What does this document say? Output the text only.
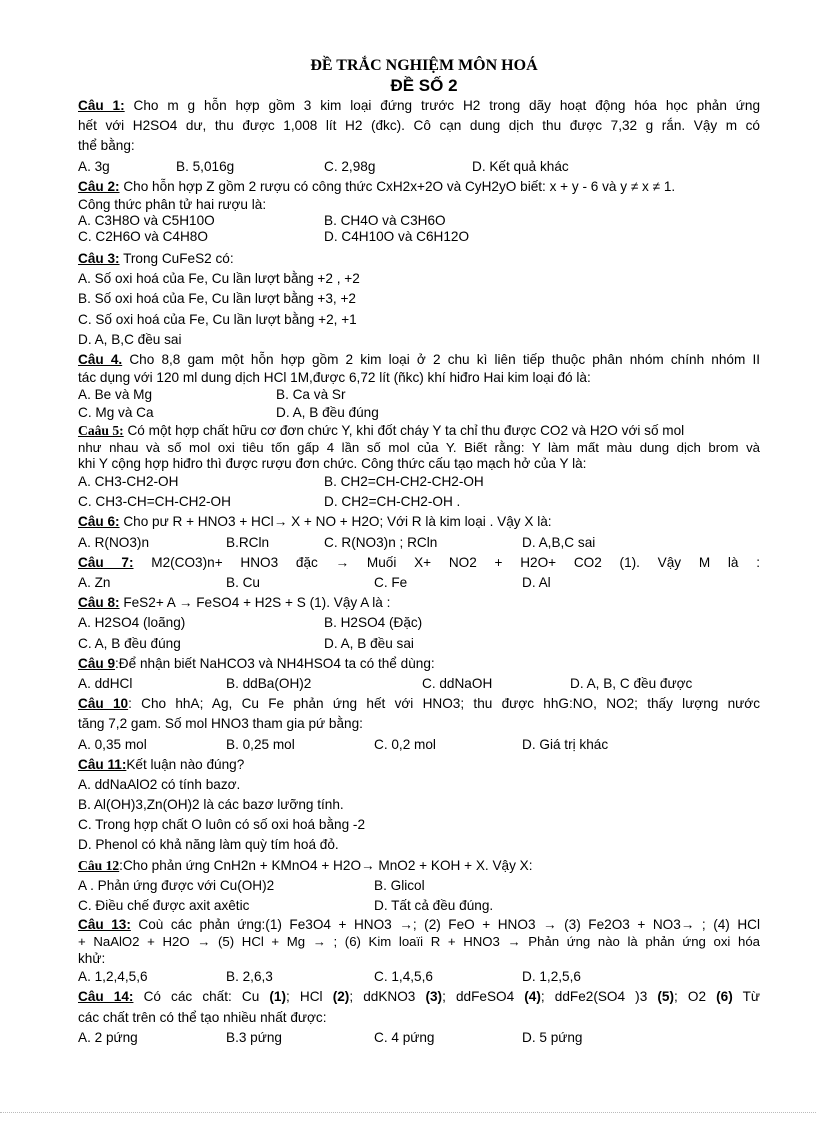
ĐỀ TRẮC NGHIỆM MÔN HOÁ
ĐỀ SỐ 2
Câu 1: Cho m g hỗn hợp gồm 3 kim loại đứng trước H2 trong dãy hoạt động hóa học phản ứng
hết với H2SO4 dư, thu được 1,008 lít H2 (đkc). Cô cạn dung dịch thu được 7,32 g rắn. Vậy m có
thể bằng:
A. 3g	B. 5,016g	C. 2,98g	D. Kết quả khác
Câu 2: Cho hỗn hợp Z gồm 2 rượu có công thức CxH2x+2O và CyH2yO biết: x + y - 6 và y ≠ x ≠ 1.
Công thức phân tử hai rượu là:
A. C3H8O và C5H10O	B. CH4O và C3H6O
C. C2H6O và C4H8O	D. C4H10O và C6H12O
Câu 3: Trong CuFeS2 có:
A. Số oxi hoá của Fe, Cu lần lượt bằng +2 , +2
B. Số oxi hoá của Fe, Cu lần lượt bằng +3, +2
C. Số oxi hoá của Fe, Cu lần lượt bằng +2, +1
D. A, B,C đều sai
Câu 4. Cho 8,8 gam một hỗn hợp gồm 2 kim loại ở 2 chu kì liên tiếp thuộc phân nhóm chính nhóm II
tác dụng với 120 ml dung dịch HCl 1M,được 6,72 lít (ñkc) khí hiđro Hai kim loại đó là:
A. Be và Mg	B. Ca và Sr
C. Mg và Ca	D. A, B đều đúng
Caâu 5: Có một hợp chất hữu cơ đơn chức Y, khi đốt cháy Y ta chỉ thu được CO2 và H2O với số mol
như nhau và số mol oxi tiêu tốn gấp 4 lần số mol của Y. Biết rằng: Y làm mất màu dung dịch brom và
khi Y cộng hợp hiđro thì được rượu đơn chức. Công thức cấu tạo mạch hở của Y là:
A. CH3-CH2-OH	B. CH2=CH-CH2-CH2-OH
C. CH3-CH=CH-CH2-OH	D. CH2=CH-CH2-OH .
Câu 6: Cho pư R + HNO3 + HCl→ X + NO + H2O; Với R là kim loại . Vậy X là:
A. R(NO3)n	B.RCln	C. R(NO3)n ; RCln	D. A,B,C sai
Câu 7: M2(CO3)n+ HNO3 đặc → Muối X+ NO2 + H2O+ CO2 (1). Vậy M là :
A. Zn	B. Cu	C. Fe	D. Al
Câu 8: FeS2+ A → FeSO4 + H2S + S (1). Vậy A là :
A. H2SO4 (loãng)	B. H2SO4 (Đặc)
C. A, B đều đúng	D. A, B đều sai
Câu 9:Để nhận biết NaHCO3 và NH4HSO4 ta có thể dùng:
A. ddHCl	B. ddBa(OH)2	C. ddNaOH	D. A, B, C đều được
Câu 10: Cho hhA; Ag, Cu Fe phản ứng hết với HNO3; thu được hhG:NO, NO2; thấy lượng nước
tăng 7,2 gam. Số mol HNO3 tham gia pứ bằng:
A. 0,35 mol	B. 0,25 mol	C. 0,2 mol	D. Giá trị khác
Câu 11:Kết luận nào đúng?
A. ddNaAlO2 có tính bazơ.
B. Al(OH)3,Zn(OH)2 là các bazơ lưỡng tính.
C. Trong hợp chất O luôn có số oxi hoá bằng -2
D. Phenol có khả năng làm quỳ tím hoá đỏ.
Câu 12:Cho phản ứng CnH2n + KMnO4 + H2O→ MnO2 + KOH + X. Vậy X:
A . Phản ứng được với Cu(OH)2	B. Glicol
C. Điều chế được axit axêtic	D. Tất cả đều đúng.
Câu 13: Coù các phản ứng:(1) Fe3O4 + HNO3 →; (2) FeO + HNO3 → (3) Fe2O3 + NO3→ ; (4) HCl
+ NaAlO2 + H2O → (5) HCl + Mg → ; (6) Kim loaïi R + HNO3 → Phản ứng nào là phản ứng oxi hóa
khử:
A. 1,2,4,5,6	B. 2,6,3	C. 1,4,5,6	D. 1,2,5,6
Câu 14: Có các chất: Cu (1); HCl (2); ddKNO3 (3); ddFeSO4 (4); ddFe2(SO4 )3 (5); O2 (6) Từ
các chất trên có thể tạo nhiều nhất được:
A. 2 pứng	B.3 pứng	C. 4 pứng	D. 5 pứng
